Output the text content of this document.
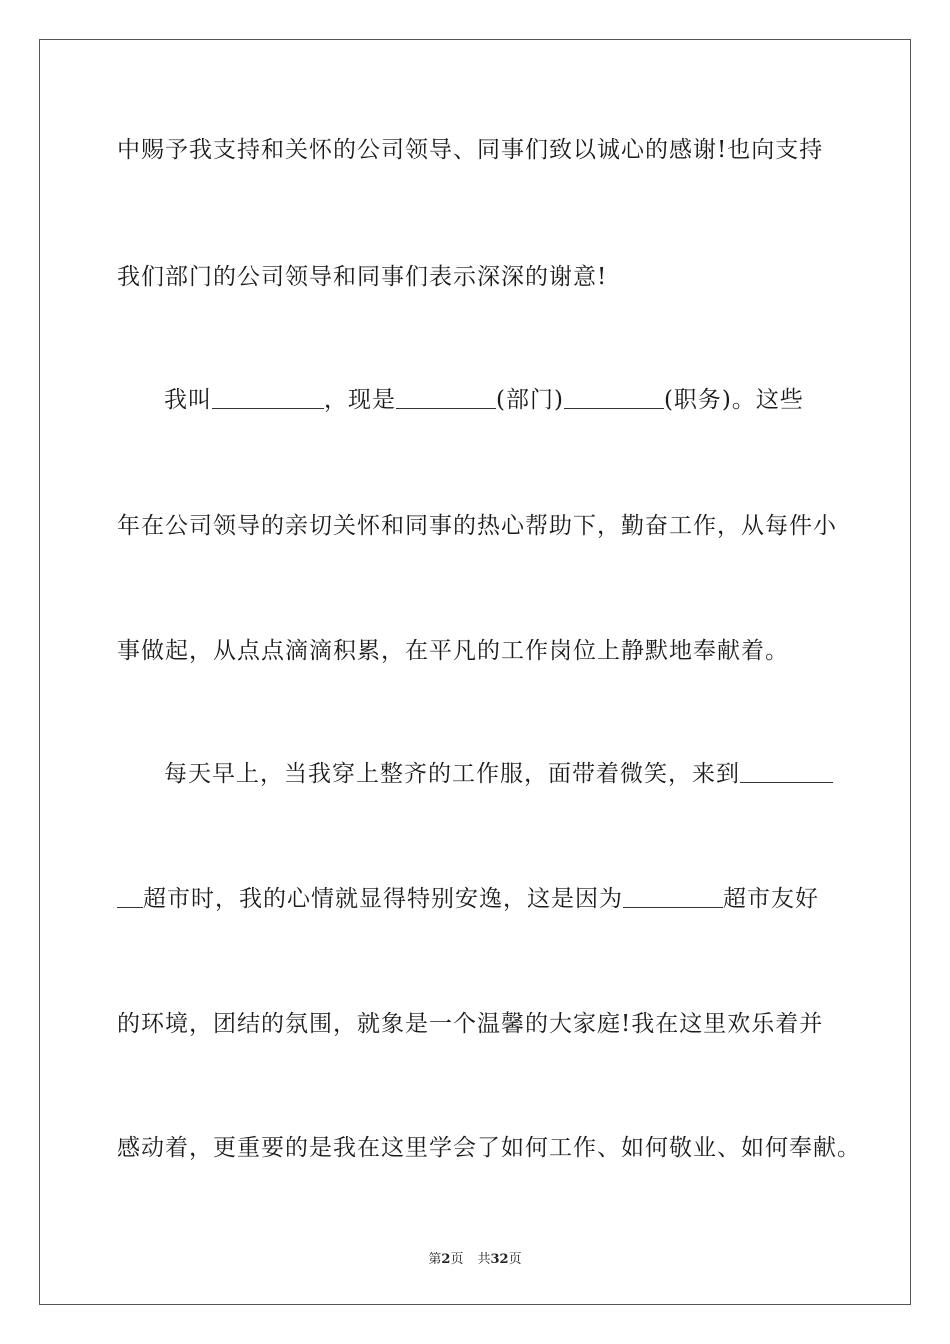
中赐予我支持和关怀的公司领导、同事们致以诚心的感谢!也向支持
我们部门的公司领导和同事们表示深深的谢意!
我叫	，现是	(部门)	(职务)。这些
年在公司领导的亲切关怀和同事的热心帮助下，勤奋工作，从每件小
事做起，从点点滴滴积累，在平凡的工作岗位上静默地奉献着。
每天早上，当我穿上整齐的工作服，面带着微笑，来到
超市时，我的心情就显得特别安逸，这是因为	超市友好
的环境，团结的氛围，就象是一个温馨的大家庭!我在这里欢乐着并
感动着，更重要的是我在这里学会了如何工作、如何敬业、如何奉献。
第2页 共32页
